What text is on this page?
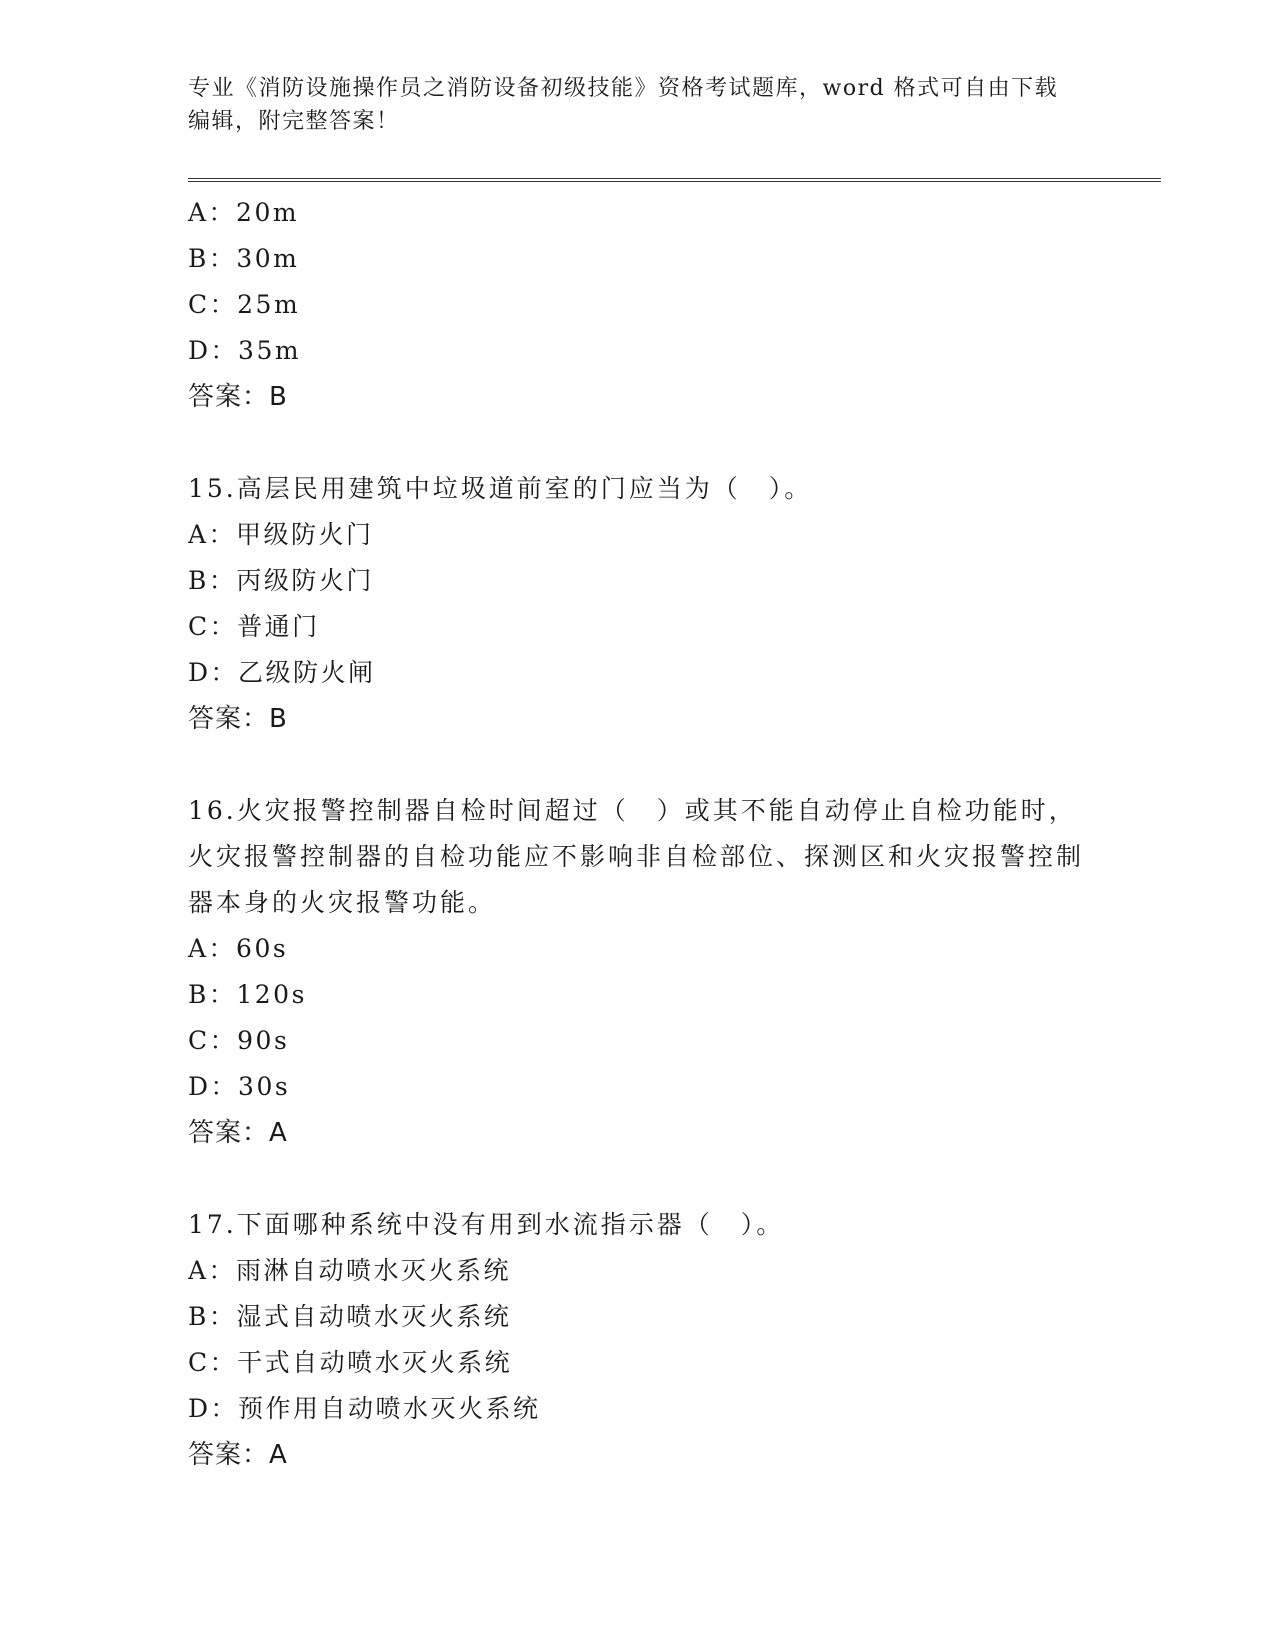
专业《消防设施操作员之消防设备初级技能》资格考试题库，word 格式可自由下载编辑，附完整答案！
A：20m
B：30m
C：25m
D：35m
答案：B
15.高层民用建筑中垃圾道前室的门应当为（　）。
A：甲级防火门
B：丙级防火门
C：普通门
D：乙级防火闸
答案：B
16.火灾报警控制器自检时间超过（　）或其不能自动停止自检功能时，火灾报警控制器的自检功能应不影响非自检部位、探测区和火灾报警控制器本身的火灾报警功能。
A：60s
B：120s
C：90s
D：30s
答案：A
17.下面哪种系统中没有用到水流指示器（　）。
A：雨淋自动喷水灭火系统
B：湿式自动喷水灭火系统
C：干式自动喷水灭火系统
D：预作用自动喷水灭火系统
答案：A
